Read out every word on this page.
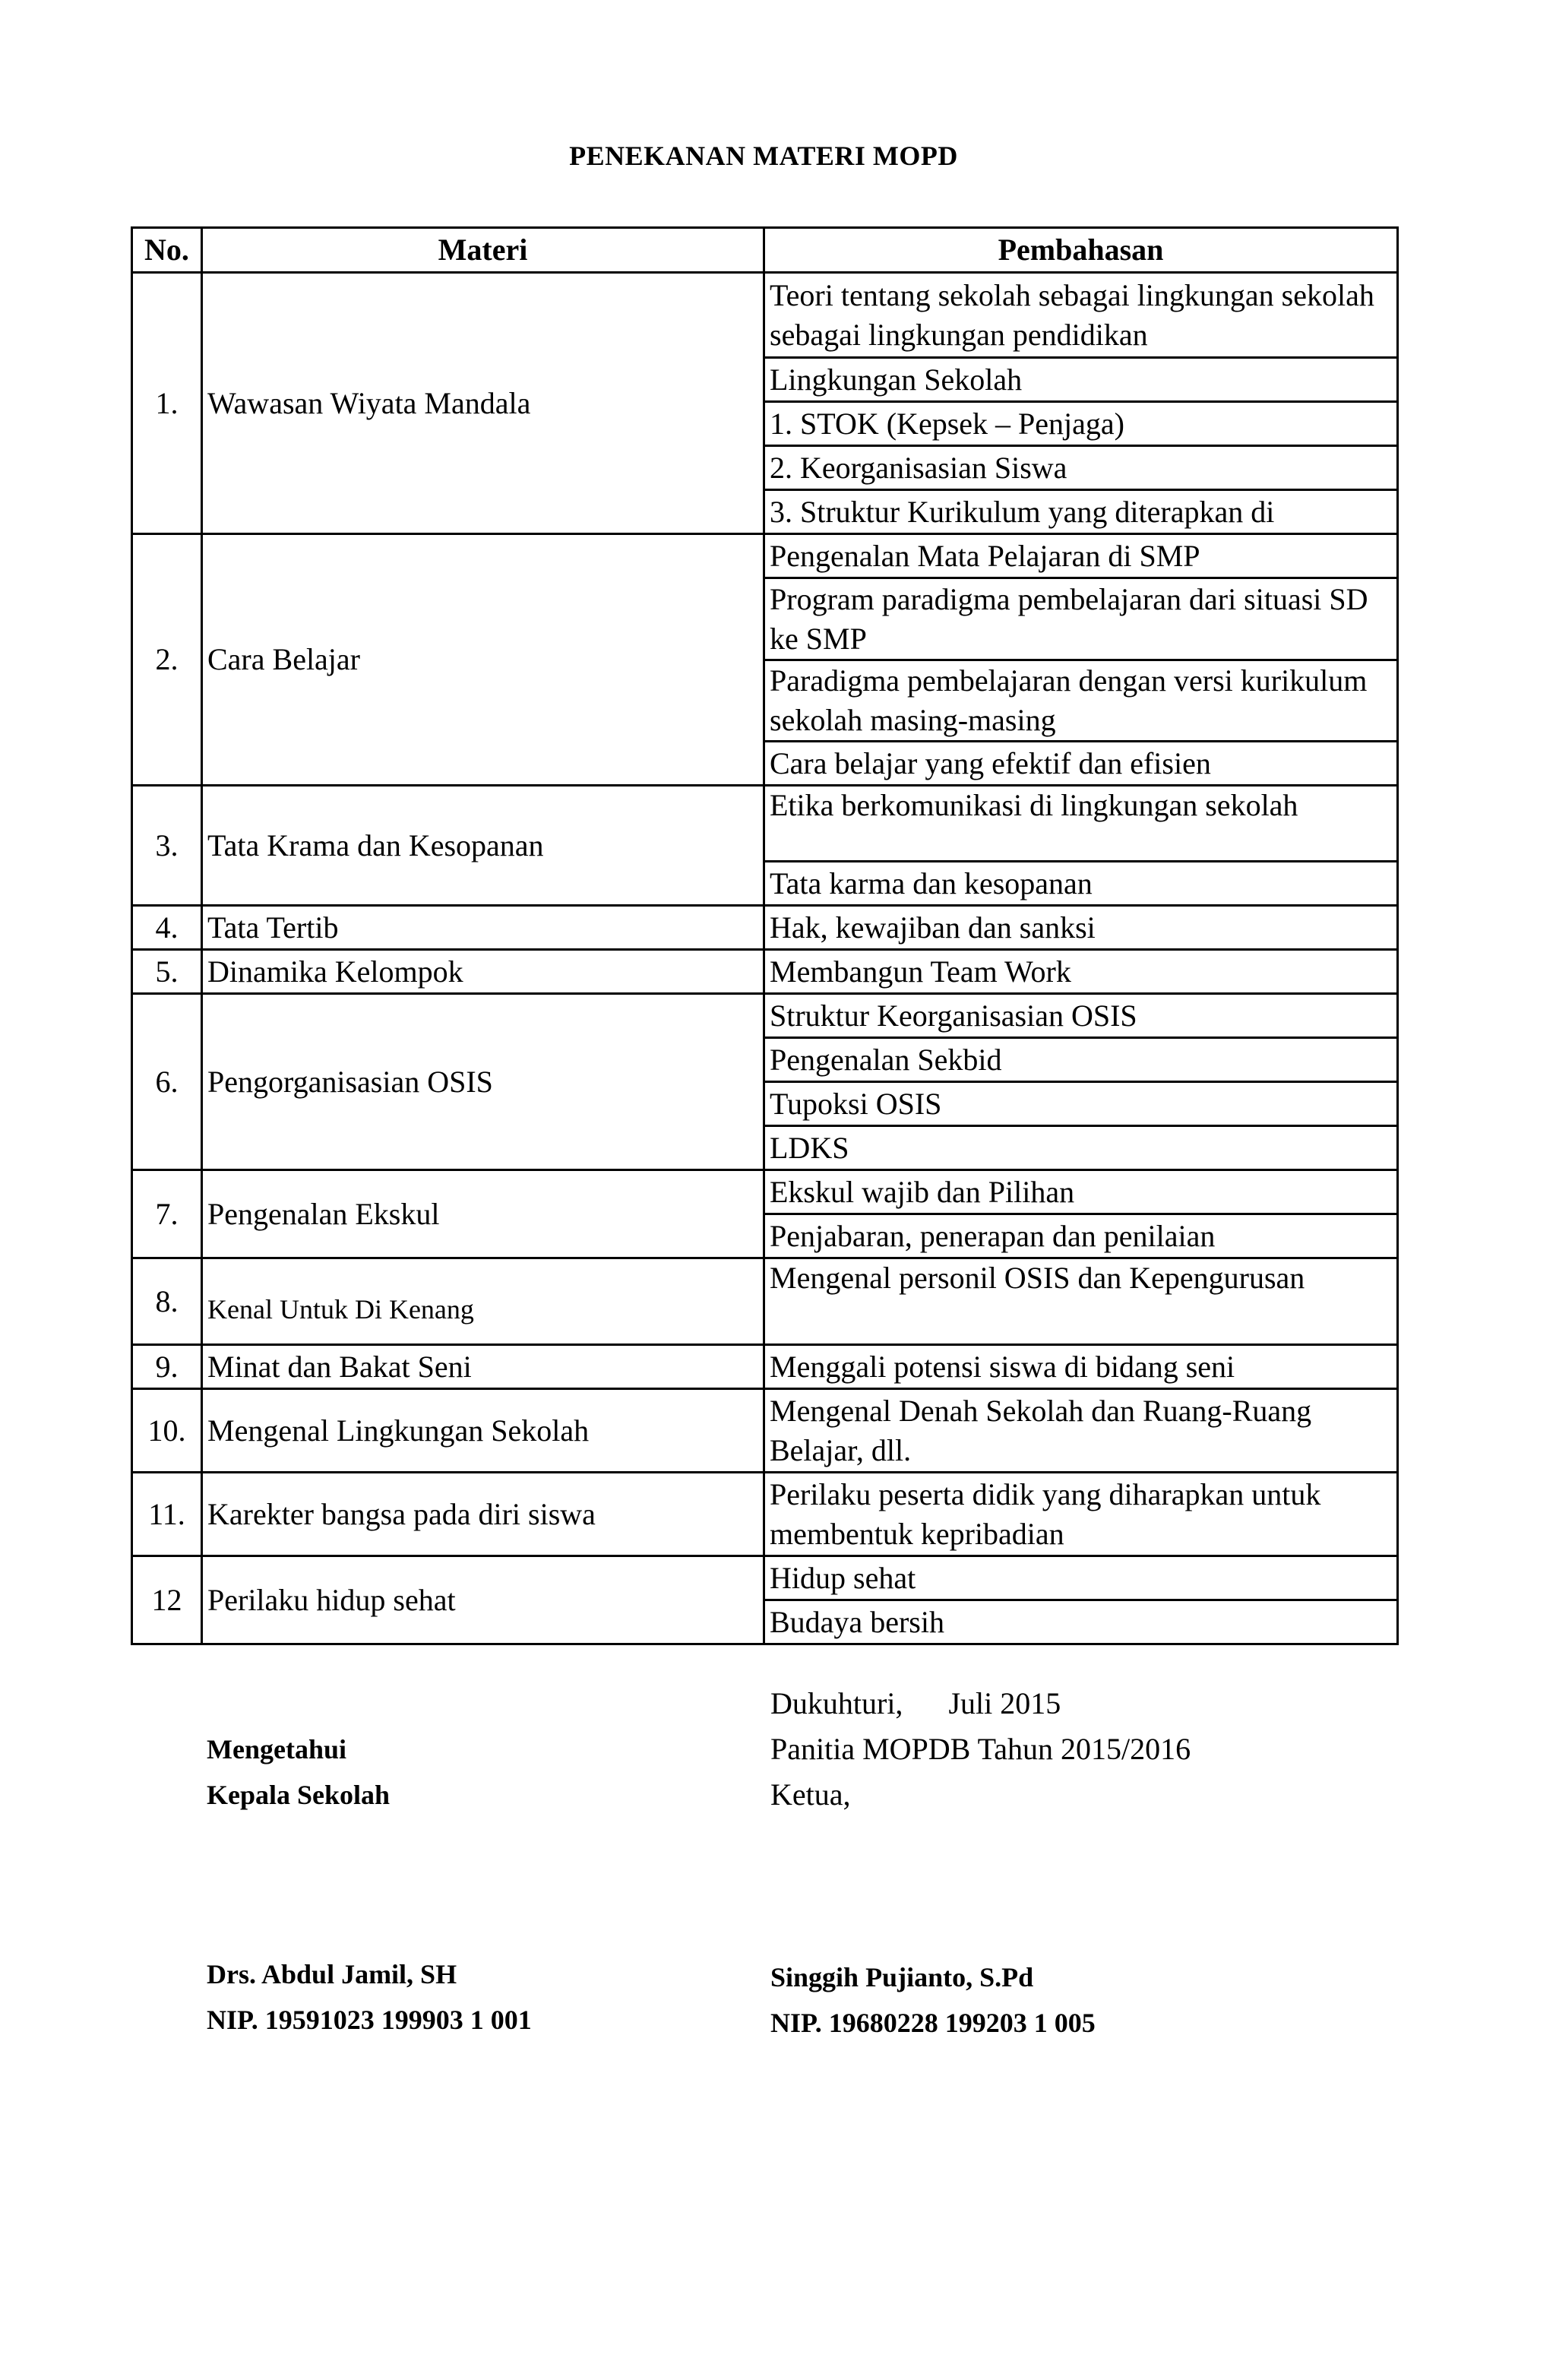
PENEKANAN MATERI MOPD
No.	Materi	Pembahasan
1.	Wawasan Wiyata Mandala	Teori tentang sekolah sebagai lingkungan sekolah sebagai lingkungan pendidikan
		Lingkungan Sekolah
		1. STOK (Kepsek – Penjaga)
		2. Keorganisasian Siswa
		3. Struktur Kurikulum yang diterapkan di
2.	Cara Belajar	Pengenalan Mata Pelajaran di SMP
		Program paradigma pembelajaran dari situasi SD ke SMP
		Paradigma pembelajaran dengan versi kurikulum sekolah masing-masing
		Cara belajar yang efektif dan efisien
3.	Tata Krama dan Kesopanan	Etika berkomunikasi di lingkungan sekolah
		Tata karma dan kesopanan
4.	Tata Tertib	Hak, kewajiban dan sanksi
5.	Dinamika Kelompok	Membangun Team Work
6.	Pengorganisasian OSIS	Struktur Keorganisasian OSIS
		Pengenalan Sekbid
		Tupoksi OSIS
		LDKS
7.	Pengenalan Ekskul	Ekskul wajib dan Pilihan
		Penjabaran, penerapan dan penilaian
8.	Kenal Untuk Di Kenang	Mengenal personil OSIS dan Kepengurusan
9.	Minat dan Bakat Seni	Menggali potensi siswa di bidang seni
10.	Mengenal Lingkungan Sekolah	Mengenal Denah Sekolah dan Ruang-Ruang Belajar, dll.
11.	Karekter bangsa pada diri siswa	Perilaku peserta didik yang diharapkan untuk membentuk kepribadian
12	Perilaku hidup sehat	Hidup sehat
		Budaya bersih
Mengetahui
Kepala Sekolah
Dukuhturi, Juli 2015
Panitia MOPDB Tahun 2015/2016
Ketua,
Drs. Abdul Jamil, SH
NIP. 19591023 199903 1 001
Singgih Pujianto, S.Pd
NIP. 19680228 199203 1 005
